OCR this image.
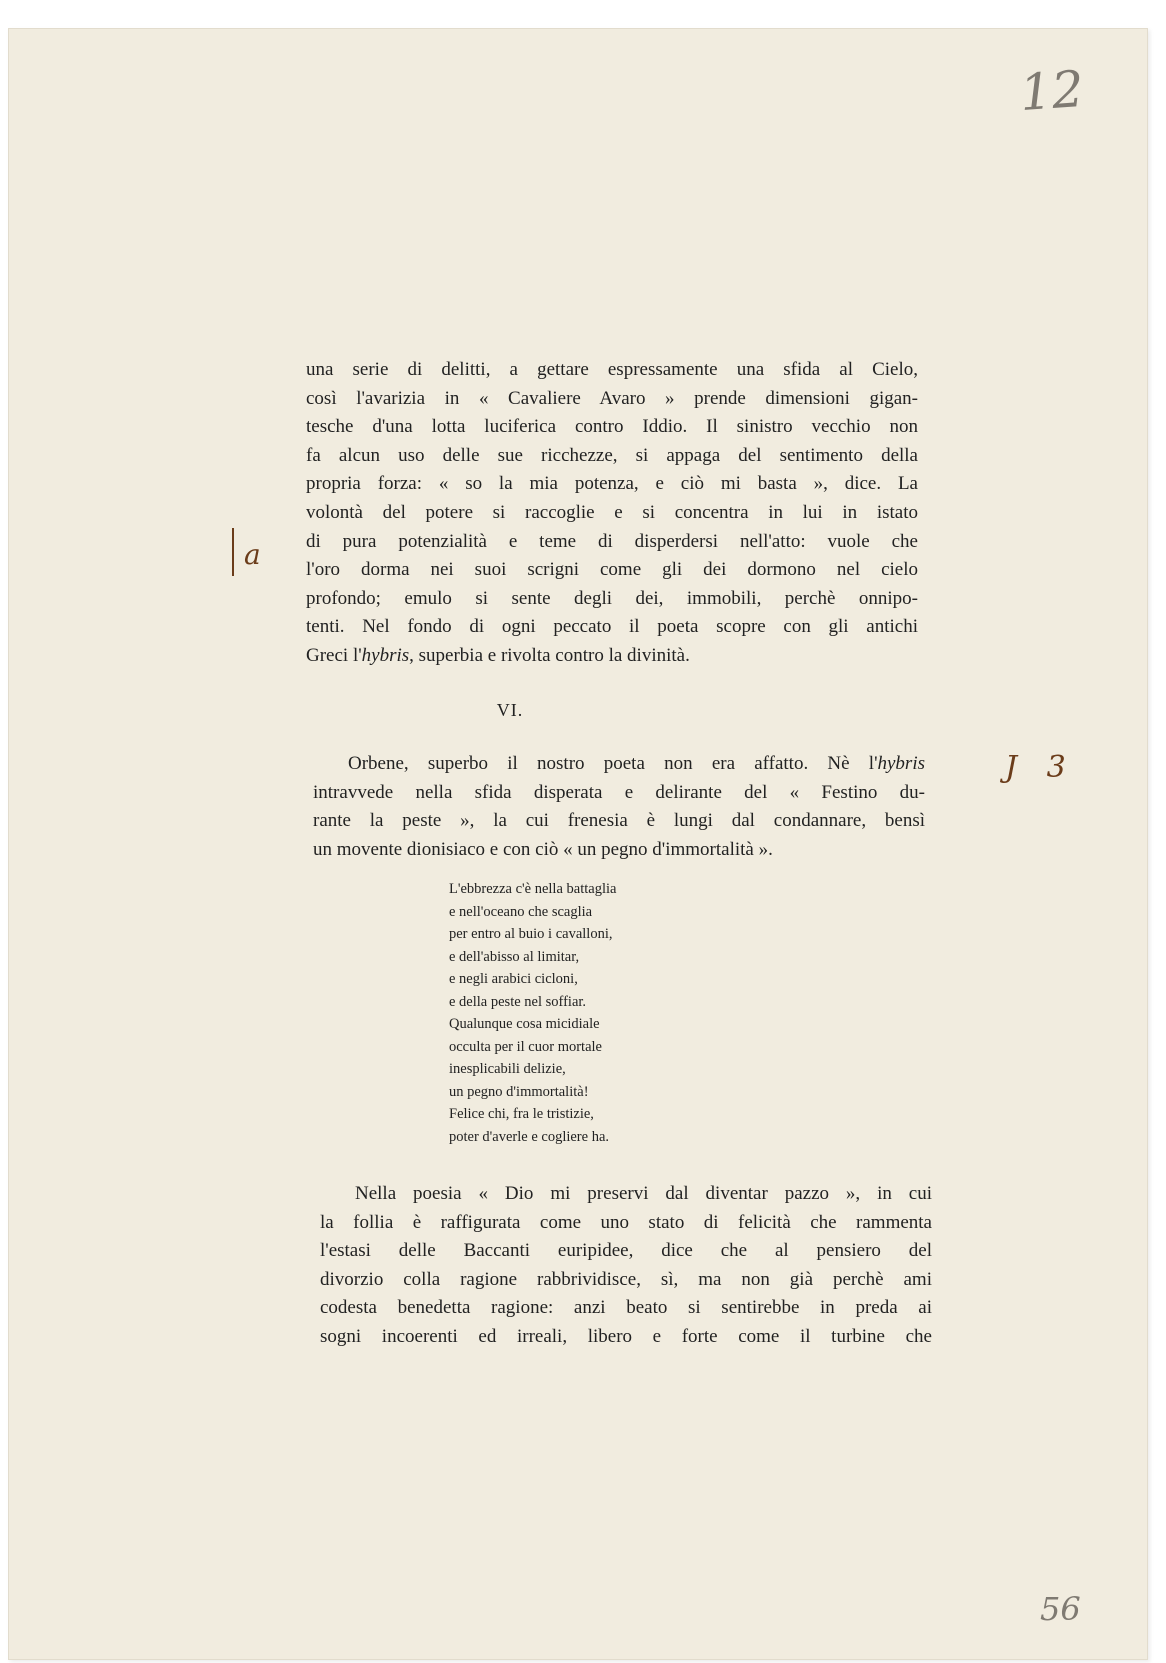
12
a
J 3
una serie di delitti, a gettare espressamente una sfida al Cielo,
così l'avarizia in « Cavaliere Avaro » prende dimensioni gigan-
tesche d'una lotta luciferica contro Iddio. Il sinistro vecchio non
fa alcun uso delle sue ricchezze, si appaga del sentimento della
propria forza: « so la mia potenza, e ciò mi basta », dice. La
volontà del potere si raccoglie e si concentra in lui in istato
di pura potenzialità e teme di disperdersi nell'atto: vuole che
l'oro dorma nei suoi scrigni come gli dei dormono nel cielo
profondo; emulo si sente degli dei, immobili, perchè onnipo-
tenti. Nel fondo di ogni peccato il poeta scopre con gli antichi
Greci l'hybris, superbia e rivolta contro la divinità.
VI.
Orbene, superbo il nostro poeta non era affatto. Nè l'hybris
intravvede nella sfida disperata e delirante del « Festino du-
rante la peste », la cui frenesia è lungi dal condannare, bensì
un movente dionisiaco e con ciò « un pegno d'immortalità ».
L'ebbrezza c'è nella battaglia
e nell'oceano che scaglia
per entro al buio i cavalloni,
e dell'abisso al limitar,
e negli arabici cicloni,
e della peste nel soffiar.
Qualunque cosa micidiale
occulta per il cuor mortale
inesplicabili delizie,
un pegno d'immortalità!
Felice chi, fra le tristizie,
poter d'averle e cogliere ha.
Nella poesia « Dio mi preservi dal diventar pazzo », in cui
la follia è raffigurata come uno stato di felicità che rammenta
l'estasi delle Baccanti euripidee, dice che al pensiero del
divorzio colla ragione rabbrividisce, sì, ma non già perchè ami
codesta benedetta ragione: anzi beato si sentirebbe in preda ai
sogni incoerenti ed irreali, libero e forte come il turbine che
56
